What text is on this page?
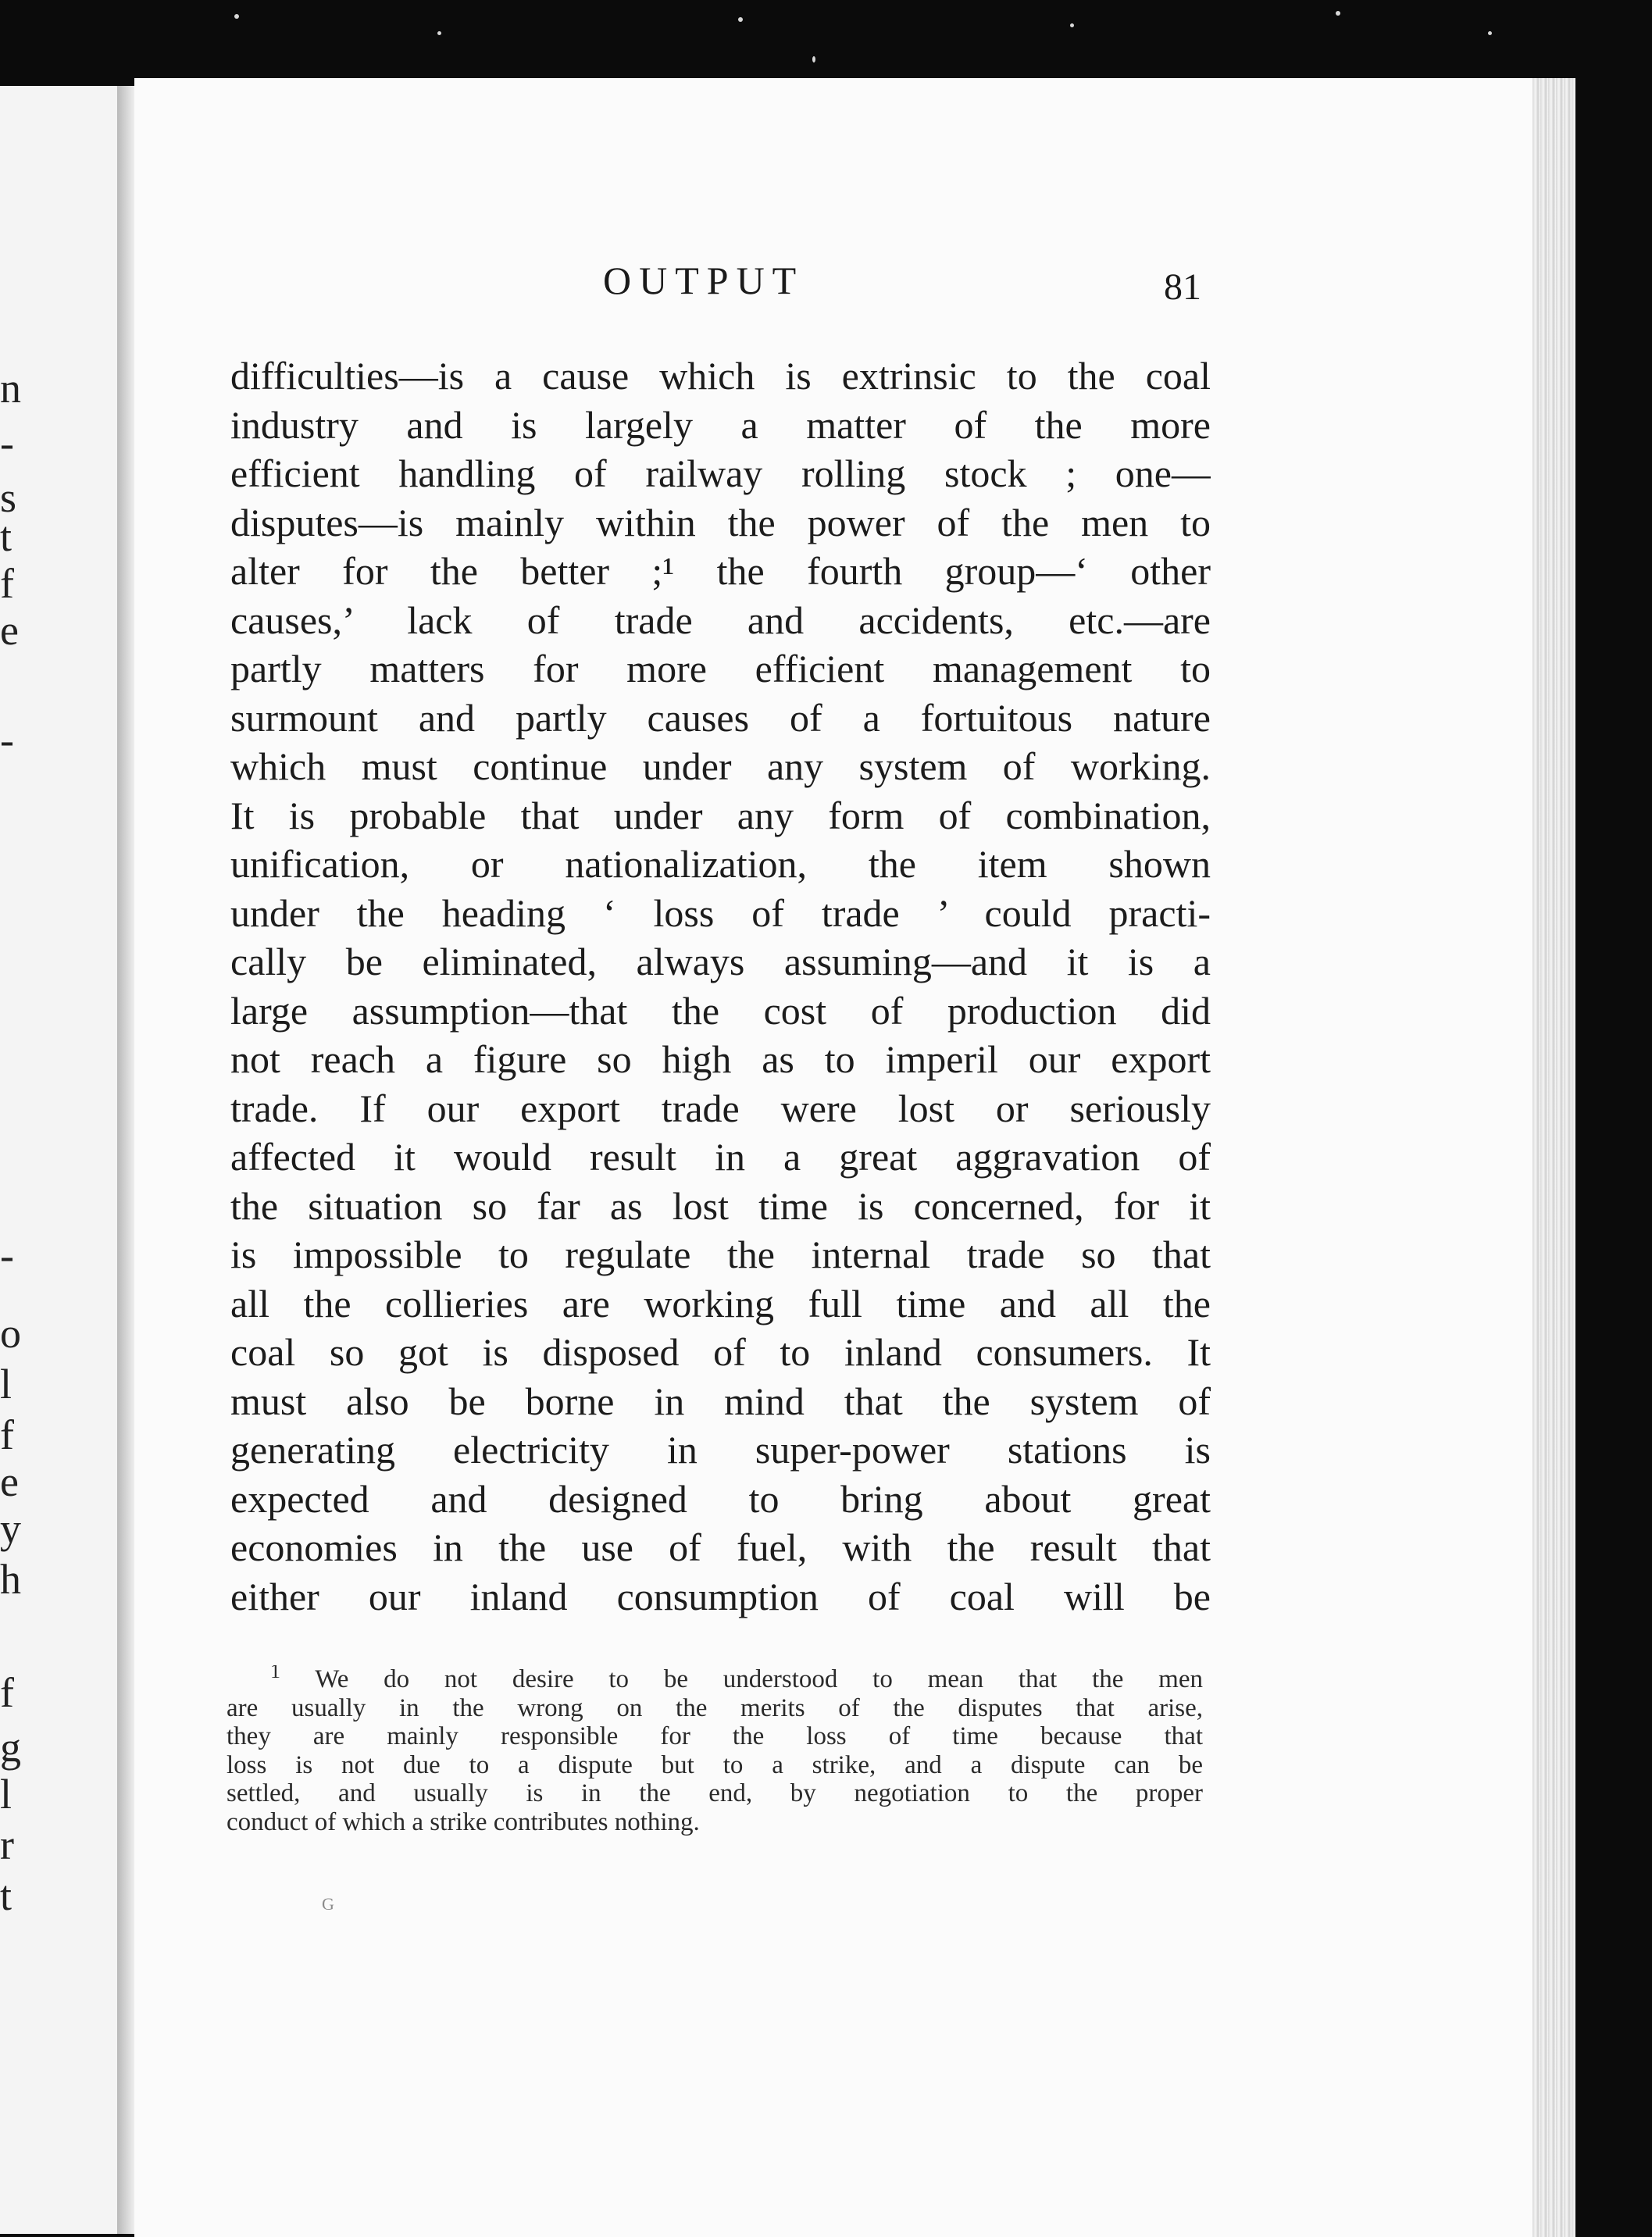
n
-
s
t
f
e
-
-
o
l
f
e
y
h
f
g
l
r
t
OUTPUT	81
difficulties—is a cause which is extrinsic to the coal
industry and is largely a matter of the more
efficient handling of railway rolling stock ; one—
disputes—is mainly within the power of the men to
alter for the better ;¹ the fourth group—‘ other
causes,’ lack of trade and accidents, etc.—are
partly matters for more efficient management to
surmount and partly causes of a fortuitous nature
which must continue under any system of working.
It is probable that under any form of combination,
unification, or nationalization, the item shown
under the heading ‘ loss of trade ’ could practi-
cally be eliminated, always assuming—and it is a
large assumption—that the cost of production did
not reach a figure so high as to imperil our export
trade. If our export trade were lost or seriously
affected it would result in a great aggravation of
the situation so far as lost time is concerned, for it
is impossible to regulate the internal trade so that
all the collieries are working full time and all the
coal so got is disposed of to inland consumers. It
must also be borne in mind that the system of
generating electricity in super-power stations is
expected and designed to bring about great
economies in the use of fuel, with the result that
either our inland consumption of coal will be
$^1$ We do not desire to be understood to mean that the men
are usually in the wrong on the merits of the disputes that arise,
they are mainly responsible for the loss of time because that
loss is not due to a dispute but to a strike, and a dispute can be
settled, and usually is in the end, by negotiation to the proper
conduct of which a strike contributes nothing.
G
